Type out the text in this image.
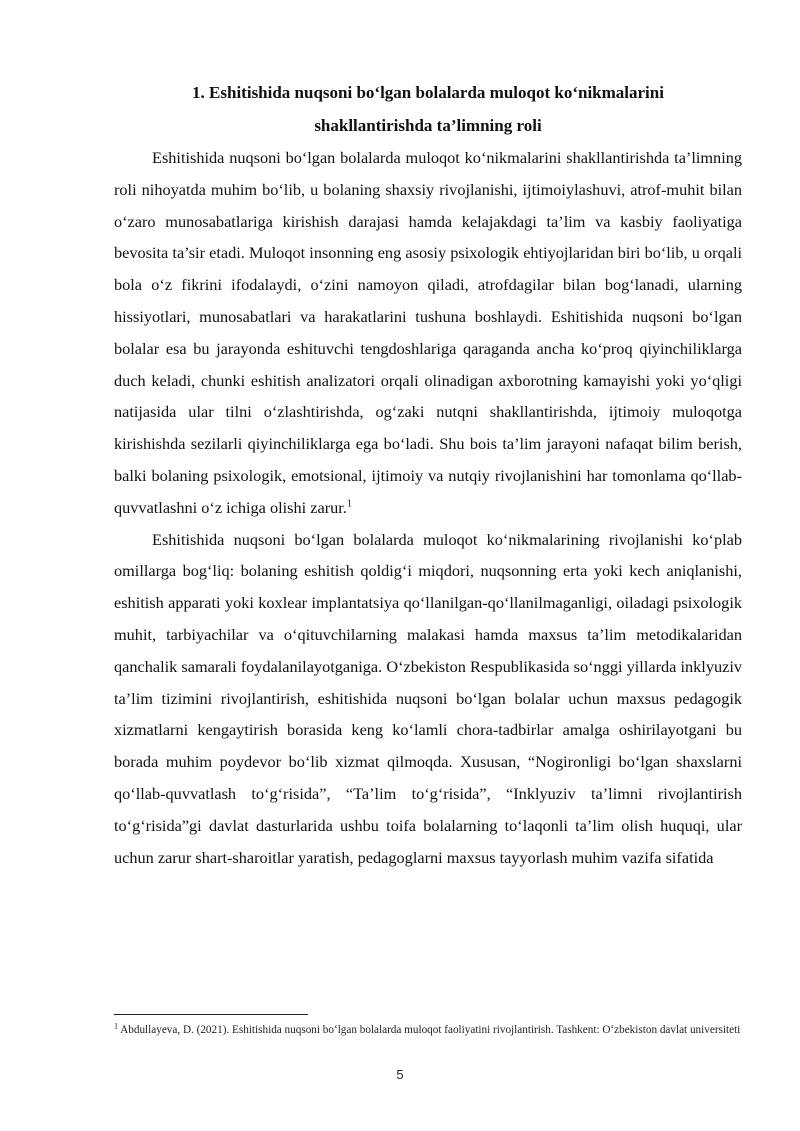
1. Eshitishida nuqsoni bo‘lgan bolalarda muloqot ko‘nikmalarini
shakllantirishda ta’limning roli

Eshitishida nuqsoni bo‘lgan bolalarda muloqot ko‘nikmalarini shakllantirishda ta’limning roli nihoyatda muhim bo‘lib, u bolaning shaxsiy rivojlanishi, ijtimoiylashuvi, atrof-muhit bilan o‘zaro munosabatlariga kirishish darajasi hamda kelajakdagi ta’lim va kasbiy faoliyatiga bevosita ta’sir etadi. Muloqot insonning eng asosiy psixologik ehtiyojlaridan biri bo‘lib, u orqali bola o‘z fikrini ifodalaydi, o‘zini namoyon qiladi, atrofdagilar bilan bog‘lanadi, ularning hissiyotlari, munosabatlari va harakatlarini tushuna boshlaydi. Eshitishida nuqsoni bo‘lgan bolalar esa bu jarayonda eshituvchi tengdoshlariga qaraganda ancha ko‘proq qiyinchiliklarga duch keladi, chunki eshitish analizatori orqali olinadigan axborotning kamayishi yoki yo‘qligi natijasida ular tilni o‘zlashtirishda, og‘zaki nutqni shakllantirishda, ijtimoiy muloqotga kirishishda sezilarli qiyinchiliklarga ega bo‘ladi. Shu bois ta’lim jarayoni nafaqat bilim berish, balki bolaning psixologik, emotsional, ijtimoiy va nutqiy rivojlanishini har tomonlama qo‘llab-quvvatlashni o‘z ichiga olishi zarur.$^1$

Eshitishida nuqsoni bo‘lgan bolalarda muloqot ko‘nikmalarining rivojlanishi ko‘plab omillarga bog‘liq: bolaning eshitish qoldig‘i miqdori, nuqsonning erta yoki kech aniqlanishi, eshitish apparati yoki koxlear implantatsiya qo‘llanilgan-qo‘llanilmaganligi, oiladagi psixologik muhit, tarbiyachilar va o‘qituvchilarning malakasi hamda maxsus ta’lim metodikalaridan qanchalik samarali foydalanilayotganiga. O‘zbekiston Respublikasida so‘nggi yillarda inklyuziv ta’lim tizimini rivojlantirish, eshitishida nuqsoni bo‘lgan bolalar uchun maxsus pedagogik xizmatlarni kengaytirish borasida keng ko‘lamli chora-tadbirlar amalga oshirilayotgani bu borada muhim poydevor bo‘lib xizmat qilmoqda. Xususan, “Nogironligi bo‘lgan shaxslarni qo‘llab-quvvatlash to‘g‘risida”, “Ta’lim to‘g‘risida”, “Inklyuziv ta’limni rivojlantirish to‘g‘risida”gi davlat dasturlarida ushbu toifa bolalarning to‘laqonli ta’lim olish huquqi, ular uchun zarur shart-sharoitlar yaratish, pedagoglarni maxsus tayyorlash muhim vazifa sifatida

$^1$ Abdullayeva, D. (2021). Eshitishida nuqsoni bo‘lgan bolalarda muloqot faoliyatini rivojlantirish. Tashkent: O‘zbekiston davlat universiteti
5
